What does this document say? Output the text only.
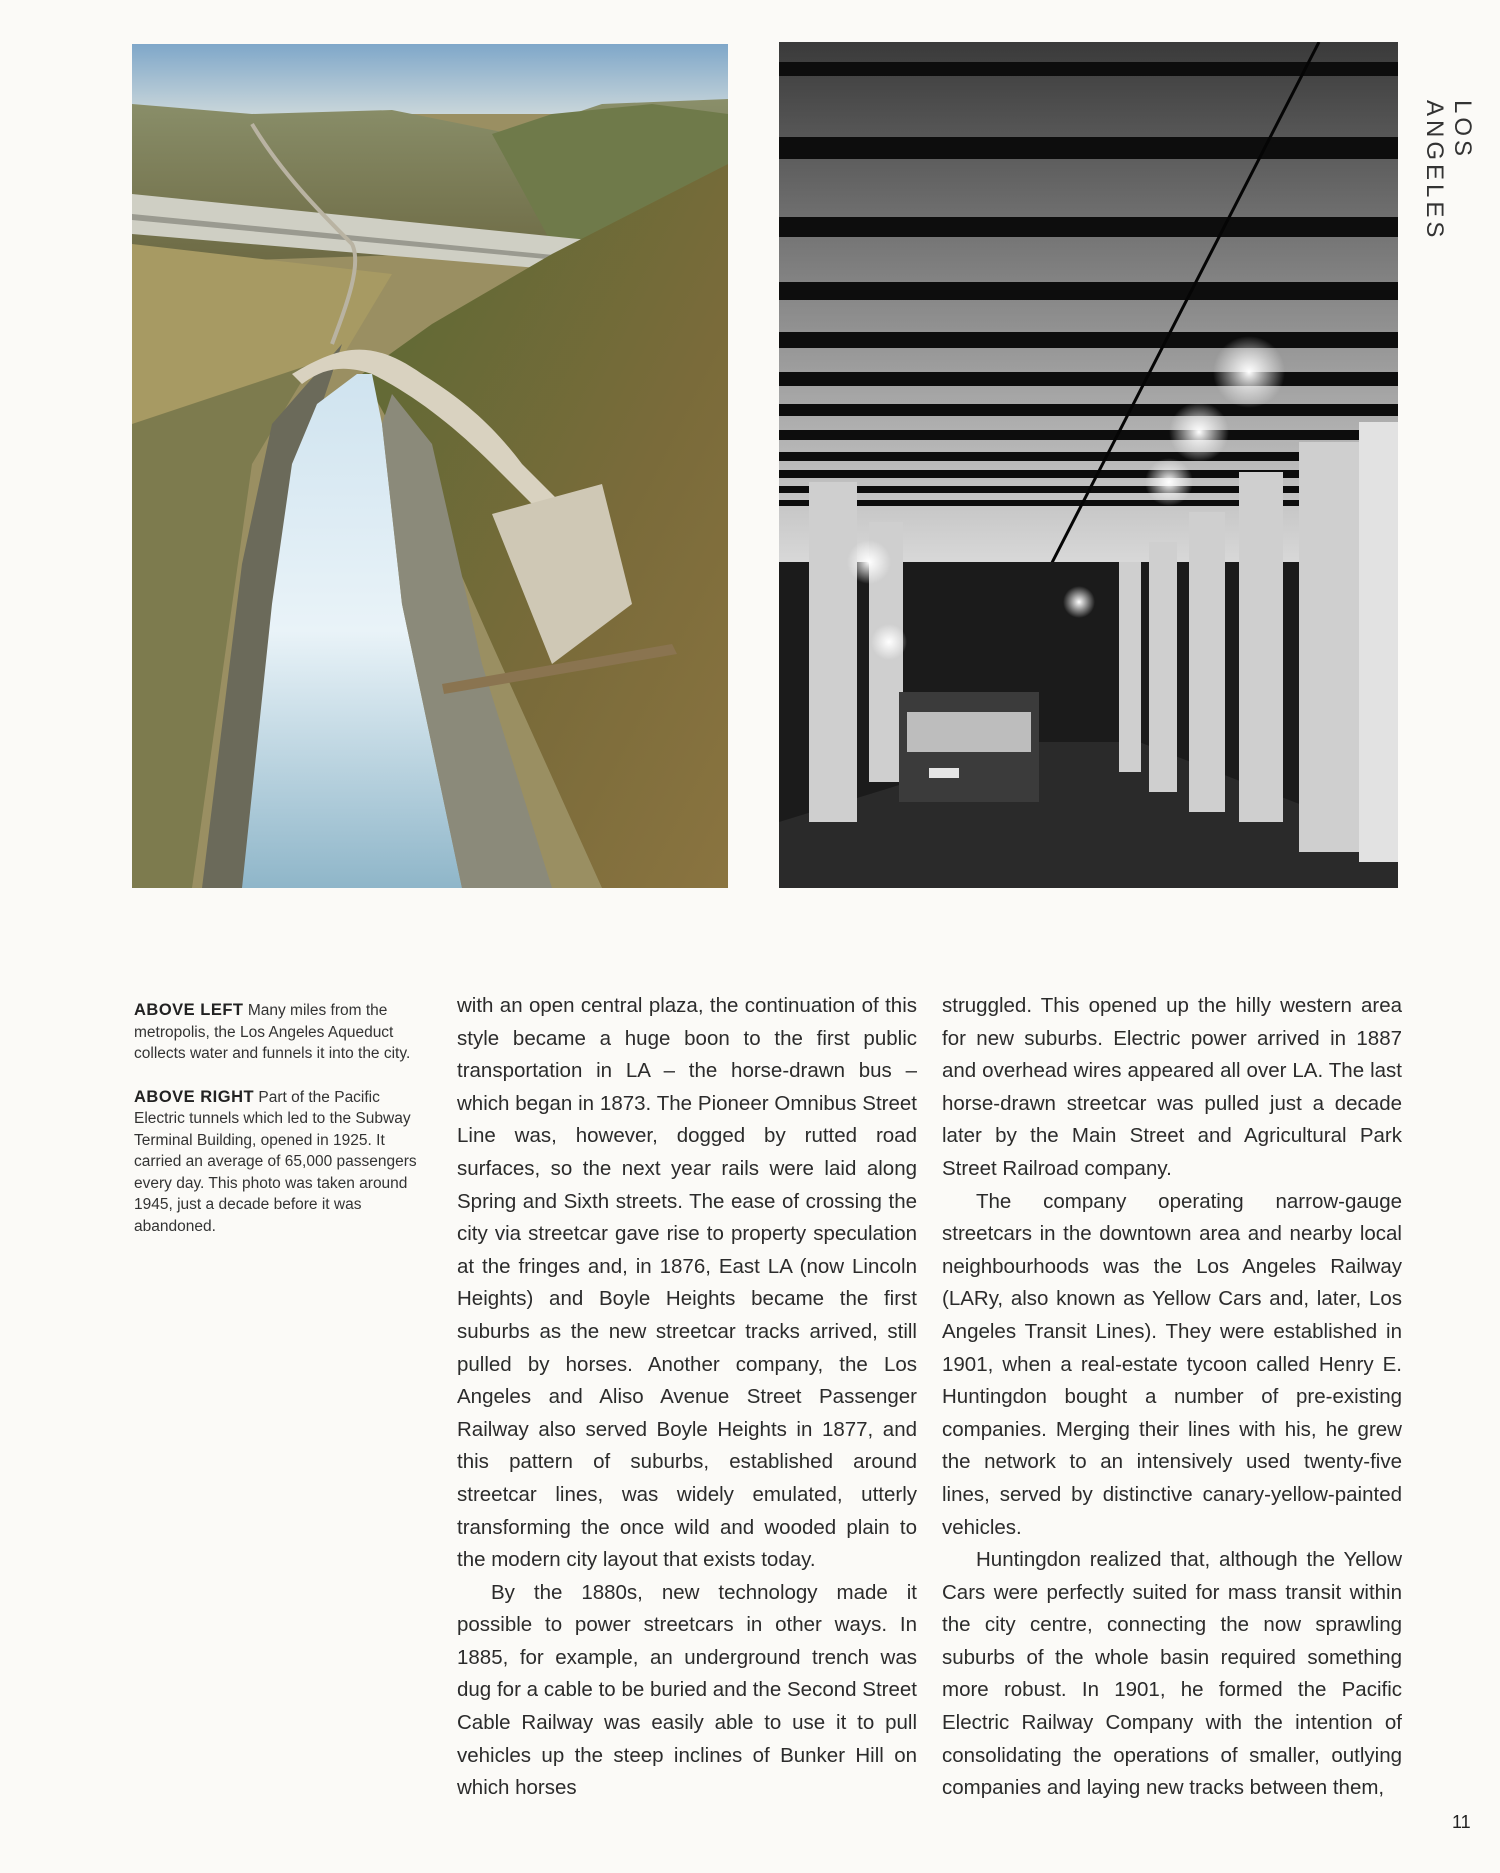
LOS ANGELES

ABOVE LEFT Many miles from the metropolis, the Los Angeles Aqueduct collects water and funnels it into the city.

ABOVE RIGHT Part of the Pacific Electric tunnels which led to the Subway Terminal Building, opened in 1925. It carried an average of 65,000 passengers every day. This photo was taken around 1945, just a decade before it was abandoned.

with an open central plaza, the continuation of this style became a huge boon to the first public transportation in LA – the horse-drawn bus – which began in 1873. The Pioneer Omnibus Street Line was, however, dogged by rutted road surfaces, so the next year rails were laid along Spring and Sixth streets. The ease of crossing the city via streetcar gave rise to property speculation at the fringes and, in 1876, East LA (now Lincoln Heights) and Boyle Heights became the first suburbs as the new streetcar tracks arrived, still pulled by horses. Another company, the Los Angeles and Aliso Avenue Street Passenger Railway also served Boyle Heights in 1877, and this pattern of suburbs, established around streetcar lines, was widely emulated, utterly transforming the once wild and wooded plain to the modern city layout that exists today.

By the 1880s, new technology made it possible to power streetcars in other ways. In 1885, for example, an underground trench was dug for a cable to be buried and the Second Street Cable Railway was easily able to use it to pull vehicles up the steep inclines of Bunker Hill on which horses

struggled. This opened up the hilly western area for new suburbs. Electric power arrived in 1887 and overhead wires appeared all over LA. The last horse-drawn streetcar was pulled just a decade later by the Main Street and Agricultural Park Street Railroad company.

The company operating narrow-gauge streetcars in the downtown area and nearby local neighbourhoods was the Los Angeles Railway (LARy, also known as Yellow Cars and, later, Los Angeles Transit Lines). They were established in 1901, when a real-estate tycoon called Henry E. Huntingdon bought a number of pre-existing companies. Merging their lines with his, he grew the network to an intensively used twenty-five lines, served by distinctive canary-yellow-painted vehicles.

Huntingdon realized that, although the Yellow Cars were perfectly suited for mass transit within the city centre, connecting the now sprawling suburbs of the whole basin required something more robust. In 1901, he formed the Pacific Electric Railway Company with the intention of consolidating the operations of smaller, outlying companies and laying new tracks between them,

11
